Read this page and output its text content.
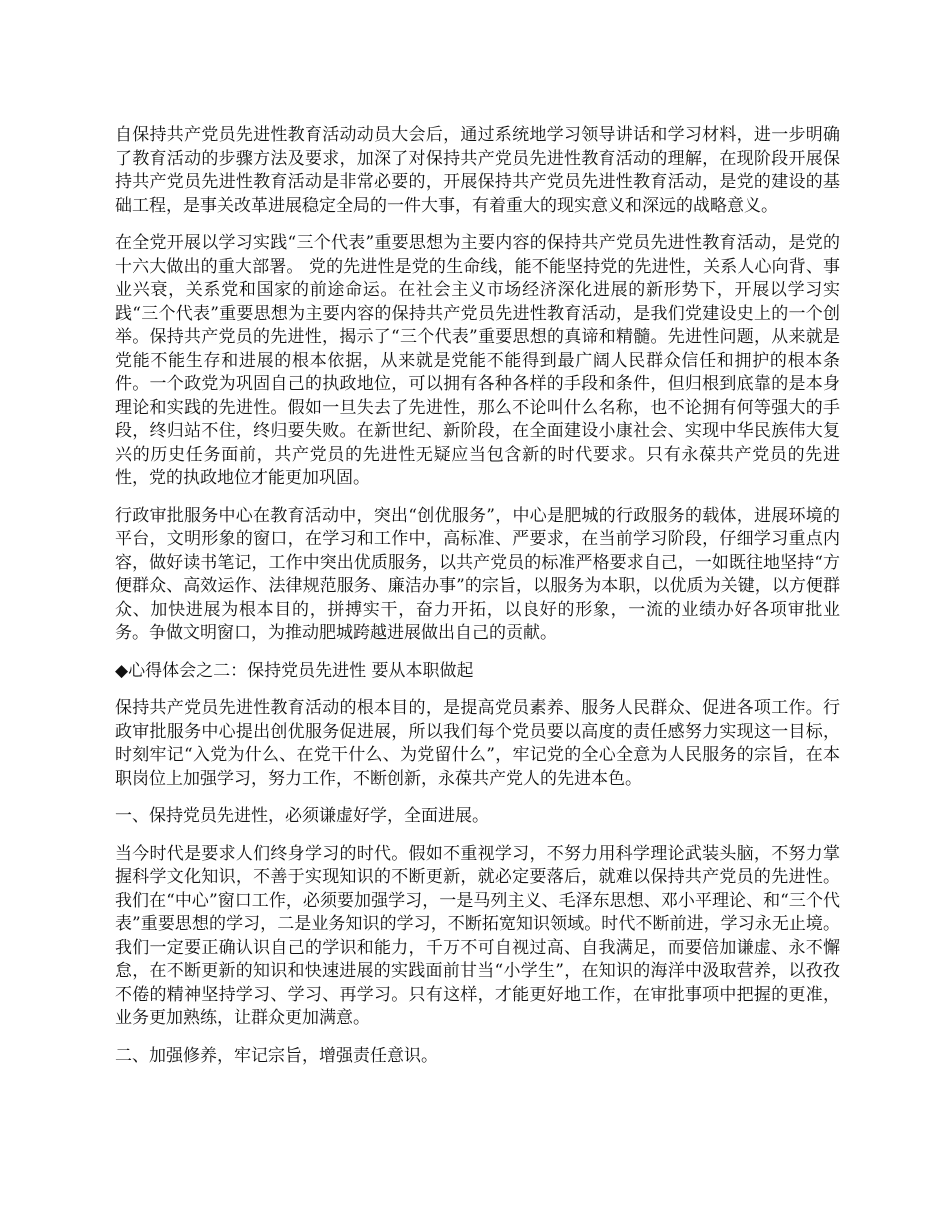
自保持共产党员先进性教育活动动员大会后，通过系统地学习领导讲话和学习材料，进一步明确了教育活动的步骤方法及要求，加深了对保持共产党员先进性教育活动的理解，在现阶段开展保持共产党员先进性教育活动是非常必要的，开展保持共产党员先进性教育活动，是党的建设的基础工程，是事关改革进展稳定全局的一件大事，有着重大的现实意义和深远的战略意义。

在全党开展以学习实践“三个代表”重要思想为主要内容的保持共产党员先进性教育活动，是党的十六大做出的重大部署。 党的先进性是党的生命线，能不能坚持党的先进性，关系人心向背、事业兴衰，关系党和国家的前途命运。在社会主义市场经济深化进展的新形势下，开展以学习实践“三个代表”重要思想为主要内容的保持共产党员先进性教育活动，是我们党建设史上的一个创举。保持共产党员的先进性，揭示了“三个代表”重要思想的真谛和精髓。先进性问题，从来就是党能不能生存和进展的根本依据，从来就是党能不能得到最广阔人民群众信任和拥护的根本条件。一个政党为巩固自己的执政地位，可以拥有各种各样的手段和条件，但归根到底靠的是本身理论和实践的先进性。假如一旦失去了先进性，那么不论叫什么名称，也不论拥有何等强大的手段，终归站不住，终归要失败。在新世纪、新阶段，在全面建设小康社会、实现中华民族伟大复兴的历史任务面前，共产党员的先进性无疑应当包含新的时代要求。只有永葆共产党员的先进性，党的执政地位才能更加巩固。

行政审批服务中心在教育活动中，突出“创优服务”，中心是肥城的行政服务的载体，进展环境的平台，文明形象的窗口，在学习和工作中，高标准、严要求，在当前学习阶段，仔细学习重点内容，做好读书笔记，工作中突出优质服务，以共产党员的标准严格要求自己，一如既往地坚持“方便群众、高效运作、法律规范服务、廉洁办事”的宗旨，以服务为本职，以优质为关键，以方便群众、加快进展为根本目的，拼搏实干，奋力开拓，以良好的形象，一流的业绩办好各项审批业务。争做文明窗口，为推动肥城跨越进展做出自己的贡献。

◆心得体会之二：保持党员先进性 要从本职做起

保持共产党员先进性教育活动的根本目的，是提高党员素养、服务人民群众、促进各项工作。行政审批服务中心提出创优服务促进展，所以我们每个党员要以高度的责任感努力实现这一目标，时刻牢记“入党为什么、在党干什么、为党留什么”，牢记党的全心全意为人民服务的宗旨，在本职岗位上加强学习，努力工作，不断创新，永葆共产党人的先进本色。

一、保持党员先进性，必须谦虚好学，全面进展。

当今时代是要求人们终身学习的时代。假如不重视学习，不努力用科学理论武装头脑，不努力掌握科学文化知识，不善于实现知识的不断更新，就必定要落后，就难以保持共产党员的先进性。我们在“中心”窗口工作，必须要加强学习，一是马列主义、毛泽东思想、邓小平理论、和“三个代表”重要思想的学习，二是业务知识的学习，不断拓宽知识领域。时代不断前进，学习永无止境。我们一定要正确认识自己的学识和能力，千万不可自视过高、自我满足，而要倍加谦虚、永不懈怠，在不断更新的知识和快速进展的实践面前甘当“小学生”，在知识的海洋中汲取营养，以孜孜不倦的精神坚持学习、学习、再学习。只有这样，才能更好地工作，在审批事项中把握的更准，业务更加熟练，让群众更加满意。

二、加强修养，牢记宗旨，增强责任意识。
